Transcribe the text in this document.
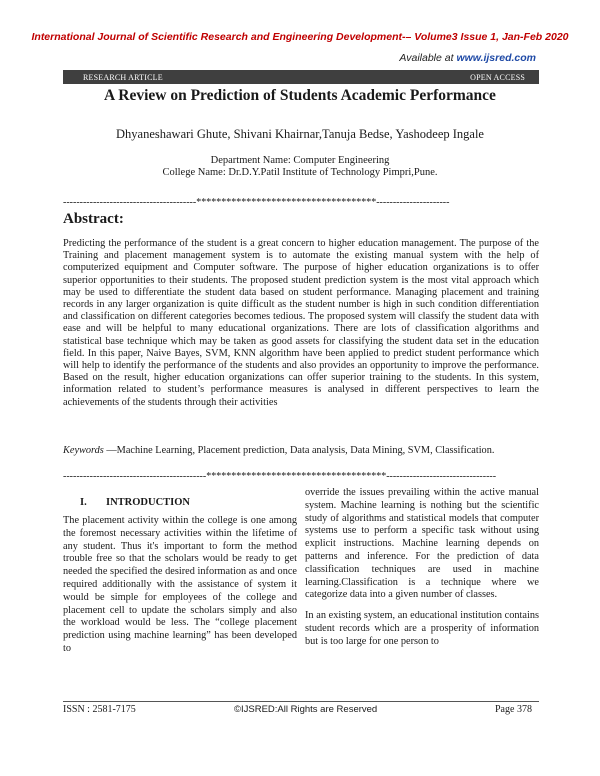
International Journal of Scientific Research and Engineering Development-– Volume3 Issue 1, Jan-Feb 2020
Available at www.ijsred.com
RESEARCH ARTICLE	OPEN ACCESS
A Review on Prediction of Students Academic Performance
Dhyaneshawari Ghute, Shivani Khairnar,Tanuja Bedse, Yashodeep Ingale
Department Name: Computer Engineering
College Name: Dr.D.Y.Patil Institute of Technology Pimpri,Pune.
----------------------------------------************************************----------------------
Abstract:
Predicting the performance of the student is a great concern to higher education management. The purpose of the Training and placement management system is to automate the existing manual system with the help of computerized equipment and Computer software. The purpose of higher education organizations is to offer superior opportunities to their students. The proposed student prediction system is the most vital approach which may be used to differentiate the student data based on student performance. Managing placement and training records in any larger organization is quite difficult as the student number is high in such condition differentiation and classification on different categories becomes tedious. The proposed system will classify the student data with ease and will be helpful to many educational organizations. There are lots of classification algorithms and statistical base technique which may be taken as good assets for classifying the student data set in the education field. In this paper, Naive Bayes, SVM, KNN algorithm have been applied to predict student performance which will help to identify the performance of the students and also provides an opportunity to improve the performance. Based on the result, higher education organizations can offer superior training to the students. In this system, information related to student’s performance measures is analysed in different perspectives to learn the achievements of the students through their activities
Keywords —Machine Learning, Placement prediction, Data analysis, Data Mining, SVM, Classification.
-------------------------------------------************************************---------------------------------
I. INTRODUCTION

The placement activity within the college is one among the foremost necessary activities within the lifetime of any student. Thus it's important to form the method trouble free so that the scholars would be ready to get needed the specified the desired information as and once required additionally with the assistance of system it would be simple for employees of the college and placement cell to update the scholars simply and also the workload would be less. The “college placement prediction using machine learning” has been developed to

override the issues prevailing within the active manual system. Machine learning is nothing but the scientific study of algorithms and statistical models that computer systems use to perform a specific task without using explicit instructions. Machine learning depends on patterns and inference. For the prediction of data classification techniques are used in machine learning.Classification is a technique where we categorize data into a given number of classes.

In an existing system, an educational institution contains student records which are a prosperity of information but is too large for one person to

ISSN : 2581-7175	©IJSRED:All Rights are Reserved	Page 378
